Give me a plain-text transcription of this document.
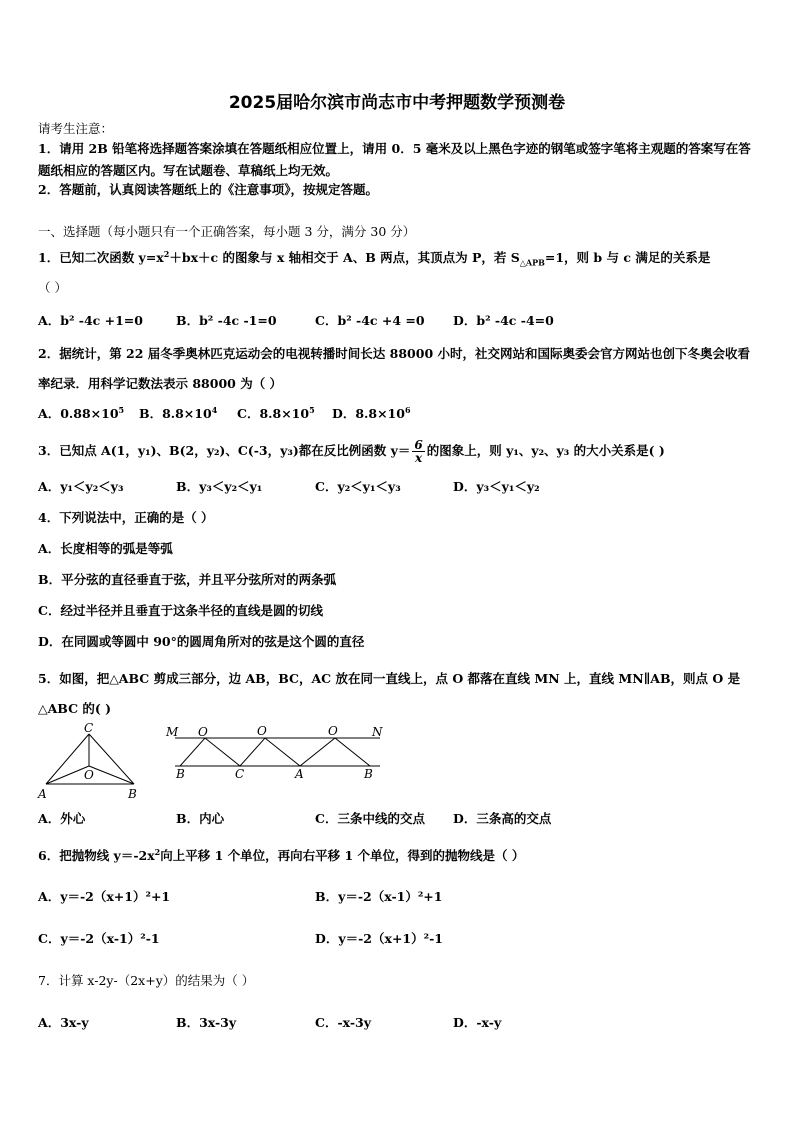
2025届哈尔滨市尚志市中考押题数学预测卷
请考生注意：
1．请用 2B 铅笔将选择题答案涂填在答题纸相应位置上，请用 0．5 毫米及以上黑色字迹的钢笔或签字笔将主观题的答案写在答题纸相应的答题区内。写在试题卷、草稿纸上均无效。
2．答题前，认真阅读答题纸上的《注意事项》，按规定答题。
一、选择题（每小题只有一个正确答案，每小题 3 分，满分 30 分）
1．已知二次函数 $y=x^2+bx+c$ 的图象与 x 轴相交于 A、B 两点，其顶点为 P，若 $S_{\triangle APB}=1$，则 b 与 c 满足的关系是
（ ）
A．b² -4c +1=0	B．b² -4c -1=0	C．b² -4c +4 =0 D．b² -4c -4=0
2．据统计，第 22 届冬季奥林匹克运动会的电视转播时间长达 88000 小时，社交网站和国际奥委会官方网站也创下冬奥会收看率纪录．用科学记数法表示 88000 为（ ）
A．$0.88\times 10^5$ B．$8.8\times 10^4$ C．$8.8\times 10^5$ D．$8.8\times 10^6$
3．已知点 A(1，y₁)、B(2，y₂)、C(-3，y₃)都在反比例函数 $y= \frac{6}{x}$ 的图象上，则 y₁、y₂、y₃ 的大小关系是( )
A．y₁＜y₂＜y₃	B．y₃＜y₂＜y₁	C．y₂＜y₁＜y₃	D．y₃＜y₁＜y₂
4．下列说法中，正确的是（ ）
A．长度相等的弧是等弧
B．平分弦的直径垂直于弦，并且平分弦所对的两条弧
C．经过半径并且垂直于这条半径的直线是圆的切线
D．在同圆或等圆中 90°的圆周角所对的弦是这个圆的直径
5．如图，把△ABC 剪成三部分，边 AB，BC，AC 放在同一直线上，点 O 都落在直线 MN 上，直线 MN∥AB，则点 O 是△ABC 的( )
C
O
A	B
M	N
O	O	O
B	C	A	B
A．外心	B．内心	C．三条中线的交点 D．三条高的交点
6．把抛物线 $y=-2x^2$向上平移 1 个单位，再向右平移 1 个单位，得到的抛物线是（ ）
A．y＝-2（x+1）²+1	B．y＝-2（x-1）²+1
C．y＝-2（x-1）²-1	D．y＝-2（x+1）²-1
7．计算 x-2y-（2x+y）的结果为（ ）
A．3x-y	B．3x-3y	C．-x-3y	D．-x-y
